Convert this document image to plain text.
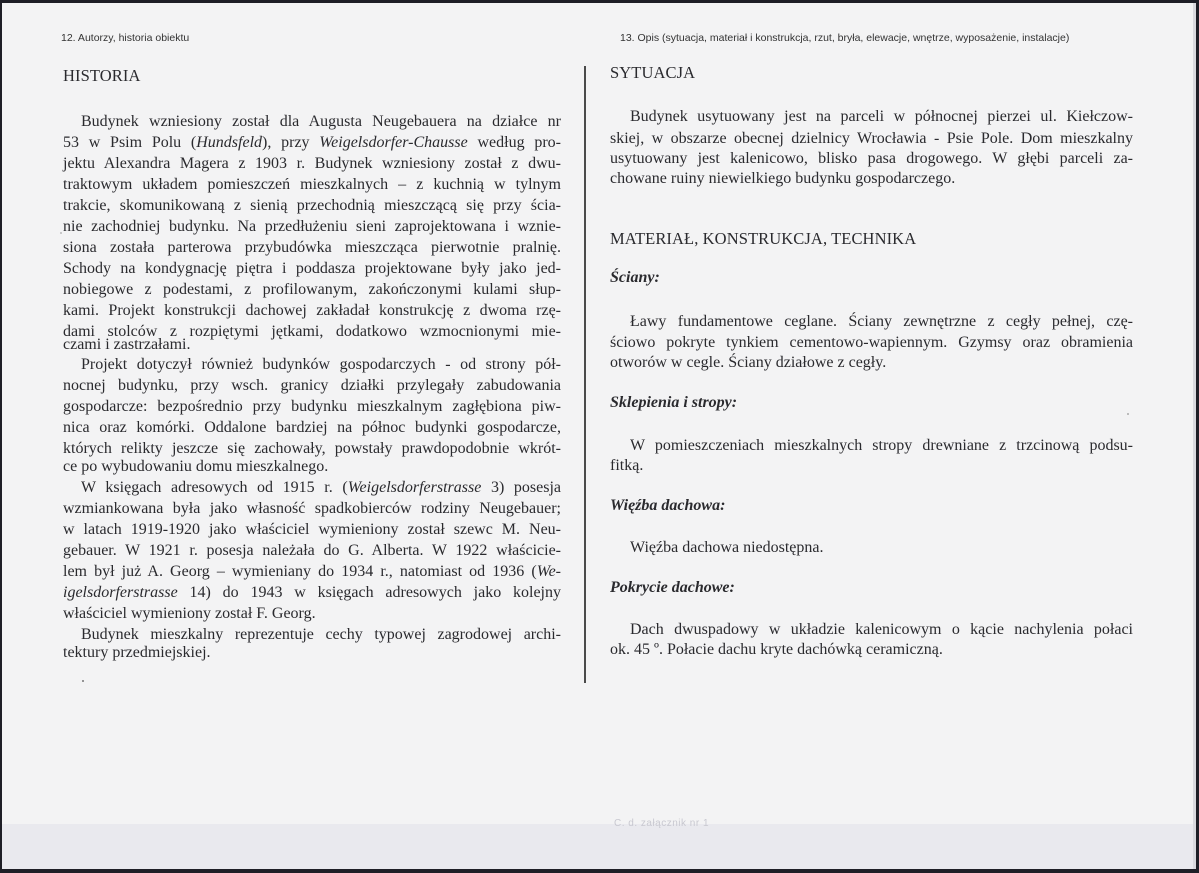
12. Autorzy, historia obiektu
HISTORIA
Budynek wzniesiony został dla Augusta Neugebauera na działce nr
53 w Psim Polu (Hundsfeld), przy Weigelsdorfer-Chausse według pro-
jektu Alexandra Magera z 1903 r. Budynek wzniesiony został z dwu-
traktowym układem pomieszczeń mieszkalnych – z kuchnią w tylnym
trakcie, skomunikowaną z sienią przechodnią mieszczącą się przy ścia-
nie zachodniej budynku. Na przedłużeniu sieni zaprojektowana i wznie-
siona została parterowa przybudówka mieszcząca pierwotnie pralnię.
Schody na kondygnację piętra i poddasza projektowane były jako jed-
nobiegowe z podestami, z profilowanym, zakończonymi kulami słup-
kami. Projekt konstrukcji dachowej zakładał konstrukcję z dwoma rzę-
dami stolców z rozpiętymi jętkami, dodatkowo wzmocnionymi mie-
czami i zastrzałami.
Projekt dotyczył również budynków gospodarczych - od strony pół-
nocnej budynku, przy wsch. granicy działki przylegały zabudowania
gospodarcze: bezpośrednio przy budynku mieszkalnym zagłębiona piw-
nica oraz komórki. Oddalone bardziej na północ budynki gospodarcze,
których relikty jeszcze się zachowały, powstały prawdopodobnie wkrót-
ce po wybudowaniu domu mieszkalnego.
W księgach adresowych od 1915 r. (Weigelsdorferstrasse 3) posesja
wzmiankowana była jako własność spadkobierców rodziny Neugebauer;
w latach 1919-1920 jako właściciel wymieniony został szewc M. Neu-
gebauer. W 1921 r. posesja należała do G. Alberta. W 1922 właścicie-
lem był już A. Georg – wymieniany do 1934 r., natomiast od 1936 (We-
igelsdorferstrasse 14) do 1943 w księgach adresowych jako kolejny
właściciel wymieniony został F. Georg.
Budynek mieszkalny reprezentuje cechy typowej zagrodowej archi-
tektury przedmiejskiej.
13. Opis (sytuacja, materiał i konstrukcja, rzut, bryła, elewacje, wnętrze, wyposażenie, instalacje)
SYTUACJA
Budynek usytuowany jest na parceli w północnej pierzei ul. Kiełczow-
skiej, w obszarze obecnej dzielnicy Wrocławia - Psie Pole. Dom mieszkalny
usytuowany jest kalenicowo, blisko pasa drogowego. W głębi parceli za-
chowane ruiny niewielkiego budynku gospodarczego.
MATERIAŁ, KONSTRUKCJA, TECHNIKA
Ściany:
Ławy fundamentowe ceglane. Ściany zewnętrzne z cegły pełnej, czę-
ściowo pokryte tynkiem cementowo-wapiennym. Gzymsy oraz obramienia
otworów w cegle. Ściany działowe z cegły.
Sklepienia i stropy:
W pomieszczeniach mieszkalnych stropy drewniane z trzcinową podsu-
fitką.
Więźba dachowa:
Więźba dachowa niedostępna.
Pokrycie dachowe:
Dach dwuspadowy w układzie kalenicowym o kącie nachylenia połaci
ok. 45 º. Połacie dachu kryte dachówką ceramiczną.
C. d. załącznik nr 1
